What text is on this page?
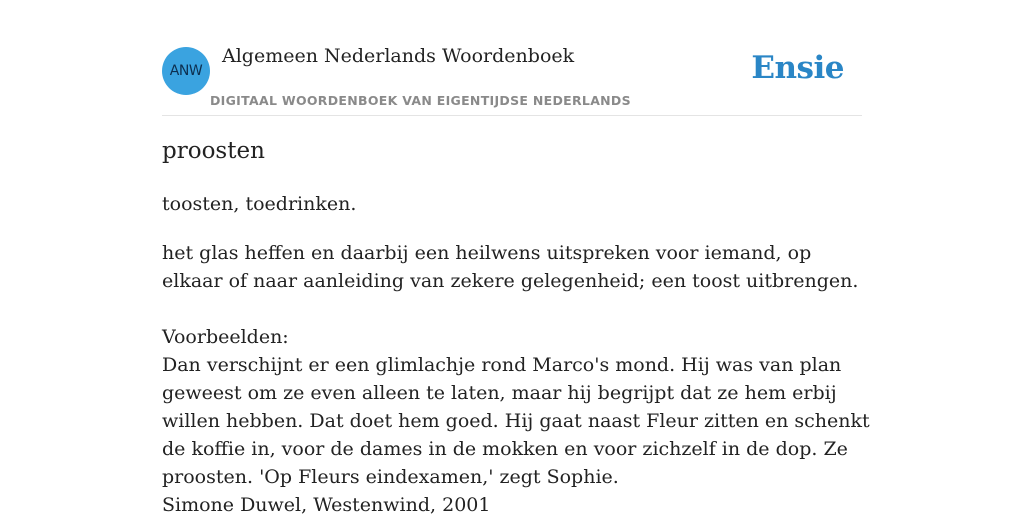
ANW
Algemeen Nederlands Woordenboek
DIGITAAL WOORDENBOEK VAN EIGENTIJDSE NEDERLANDS
Ensie
proosten

toosten, toedrinken.

het glas heffen en daarbij een heilwens uitspreken voor iemand, op elkaar of naar aanleiding van zekere gelegenheid; een toost uitbrengen.

Voorbeelden:
Dan verschijnt er een glimlachje rond Marco's mond. Hij was van plan geweest om ze even alleen te laten, maar hij begrijpt dat ze hem erbij willen hebben. Dat doet hem goed. Hij gaat naast Fleur zitten en schenkt de koffie in, voor de dames in de mokken en voor zichzelf in de dop. Ze proosten. 'Op Fleurs eindexamen,' zegt Sophie.
Simone Duwel, Westenwind, 2001
